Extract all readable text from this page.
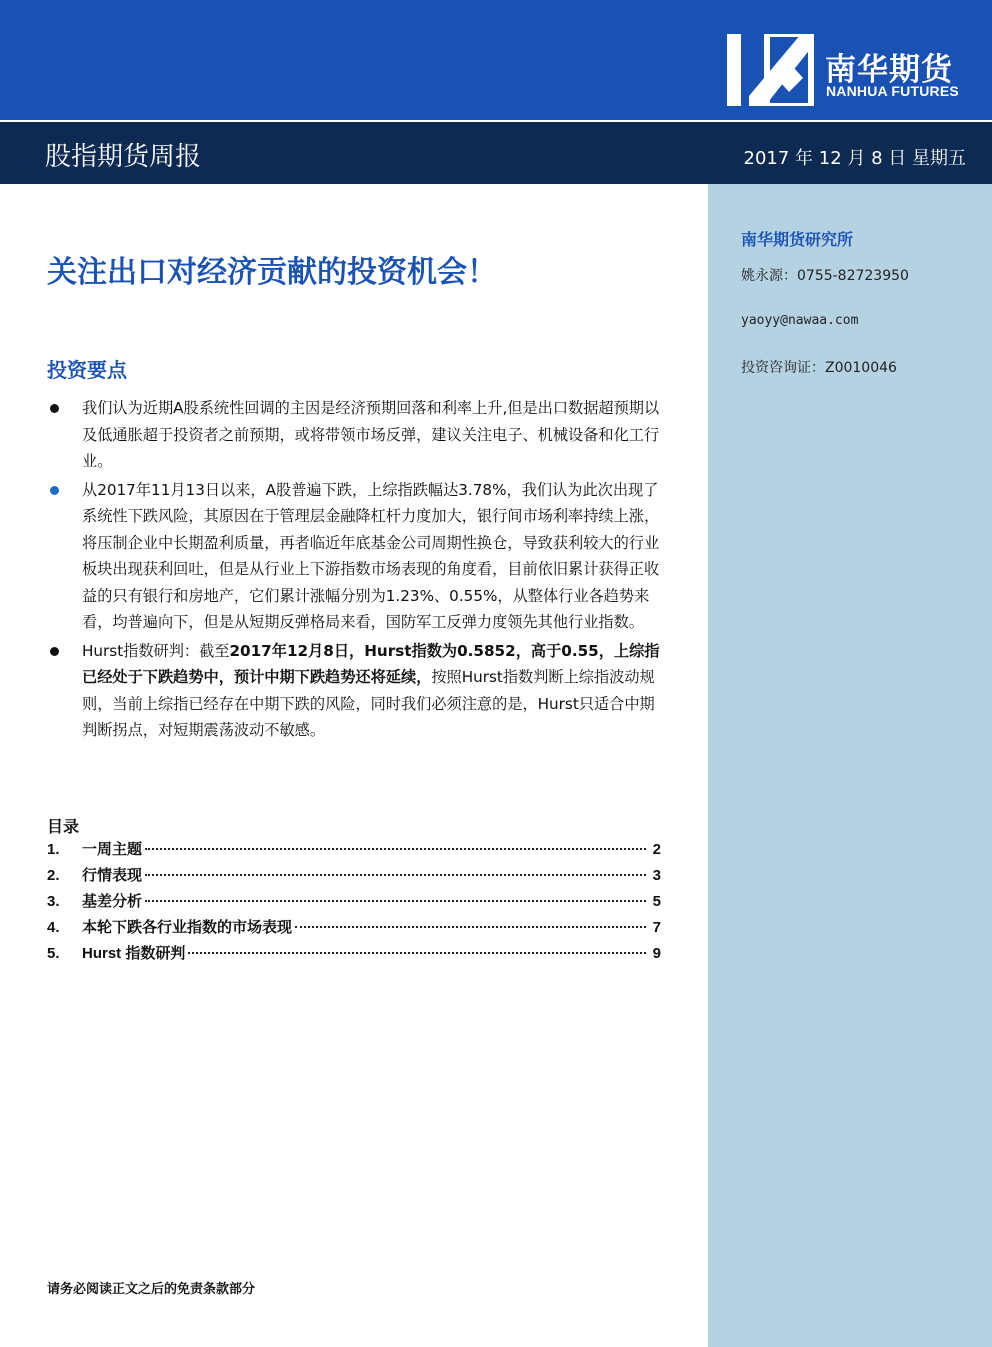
南华期货
NANHUA FUTURES
股指期货周报	2017 年 12 月 8 日 星期五
南华期货研究所
姚永源：0755-82723950
yaoyy@nawaa.com
投资咨询证：Z0010046
关注出口对经济贡献的投资机会！
投资要点
我们认为近期A股系统性回调的主因是经济预期回落和利率上升,但是出口数据超预期以及低通胀超于投资者之前预期，或将带领市场反弹，建议关注电子、机械设备和化工行业。
从2017年11月13日以来，A股普遍下跌，上综指跌幅达3.78%，我们认为此次出现了系统性下跌风险，其原因在于管理层金融降杠杆力度加大，银行间市场利率持续上涨，将压制企业中长期盈利质量，再者临近年底基金公司周期性换仓，导致获利较大的行业板块出现获利回吐，但是从行业上下游指数市场表现的角度看，目前依旧累计获得正收益的只有银行和房地产，它们累计涨幅分别为1.23%、0.55%，从整体行业各趋势来看，均普遍向下，但是从短期反弹格局来看，国防军工反弹力度领先其他行业指数。
Hurst指数研判：截至2017年12月8日，Hurst指数为0.5852，高于0.55，上综指已经处于下跌趋势中，预计中期下跌趋势还将延续，按照Hurst指数判断上综指波动规则，当前上综指已经存在中期下跌的风险，同时我们必须注意的是，Hurst只适合中期判断拐点，对短期震荡波动不敏感。
目录
1.	一周主题	2
2.	行情表现	3
3.	基差分析	5
4.	本轮下跌各行业指数的市场表现	7
5.	Hurst 指数研判	9
请务必阅读正文之后的免责条款部分
